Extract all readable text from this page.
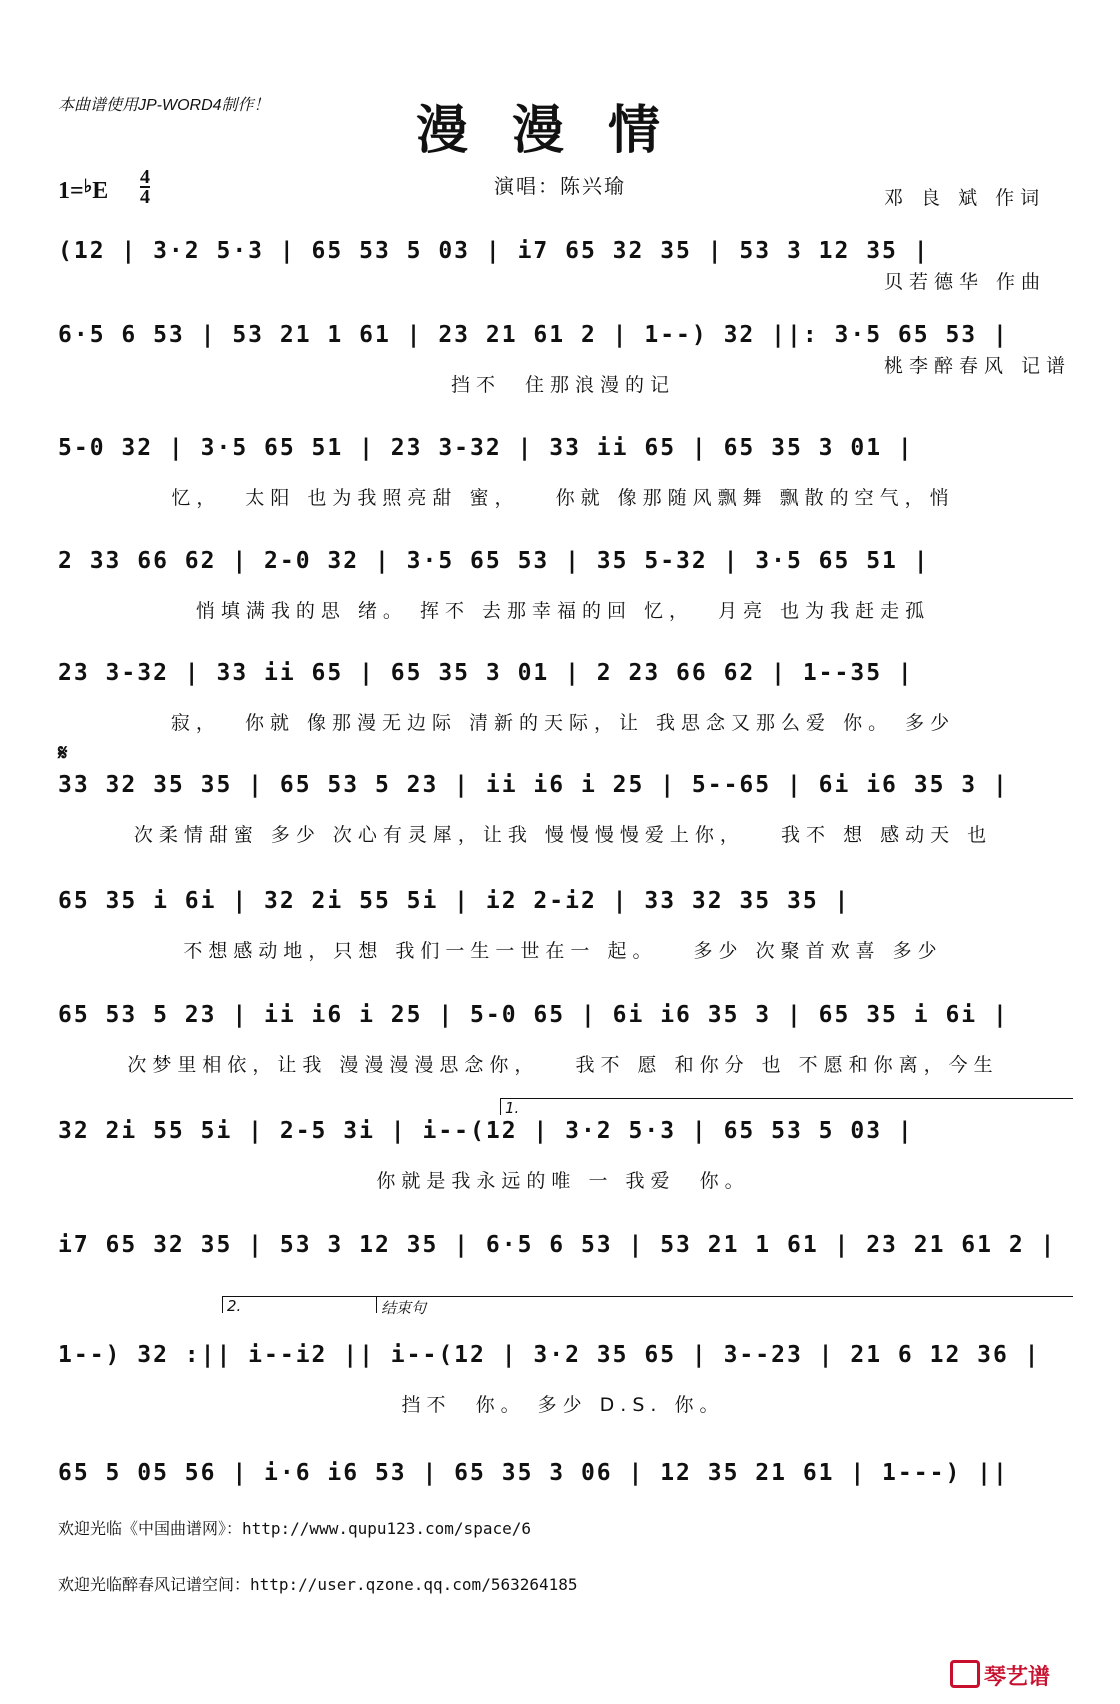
本曲谱使用JP-WORD4制作！	漫漫情

邓 良 斌 作词

贝若德华 作曲

桃李醉春风 记谱

1=♭E
4
4	演唱：陈兴瑜
𝄋
(12 | 3·2 5·3 | 65 53 5 03 | i7 65 32 35 | 53 3 12 35 |
6·5 6 53 | 53 21 1 61 | 23 21 61 2 | 1--) 32 ||: 3·5 65 53 |
挡不  住那浪漫的记
5-0 32 | 3·5 65 51 | 23 3-32 | 33 ii 65 | 65 35 3 01 |
忆，  太阳 也为我照亮甜 蜜，   你就 像那随风飘舞 飘散的空气，悄
2 33 66 62 | 2-0 32 | 3·5 65 53 | 35 5-32 | 3·5 65 51 |
悄填满我的思 绪。 挥不 去那幸福的回 忆，  月亮 也为我赶走孤
23 3-32 | 33 ii 65 | 65 35 3 01 | 2 23 66 62 | 1--35 |
寂，  你就 像那漫无边际 清新的天际，让 我思念又那么爱 你。 多少
33 32 35 35 | 65 53 5 23 | ii i6 i 25 | 5--65 | 6i i6 35 3 |
次柔情甜蜜 多少 次心有灵犀，让我 慢慢慢慢爱上你，   我不 想 感动天 也
65 35 i 6i | 32 2i 55 5i | i2 2-i2 | 33 32 35 35 |
不想感动地，只想 我们一生一世在一 起。   多少 次聚首欢喜 多少
65 53 5 23 | ii i6 i 25 | 5-0 65 | 6i i6 35 3 | 65 35 i 6i |
次梦里相依，让我 漫漫漫漫思念你，   我不 愿 和你分 也 不愿和你离，今生
32 2i 55 5i | 2-5 3i | i--(12 | 3·2 5·3 | 65 53 5 03 |
你就是我永远的唯 一 我爱  你。
i7 65 32 35 | 53 3 12 35 | 6·5 6 53 | 53 21 1 61 | 23 21 61 2 |
1--) 32 :|| i--i2 || i--(12 | 3·2 35 65 | 3--23 | 21 6 12 36 |
挡不  你。 多少 D.S. 你。
65 5 05 56 | i·6 i6 53 | 65 35 3 06 | 12 35 21 61 | 1---) ||
1.
2.	结束句
欢迎光临《中国曲谱网》：http://www.qupu123.com/space/6
欢迎光临醉春风记谱空间：http://user.qzone.qq.com/563264185
琴艺谱
